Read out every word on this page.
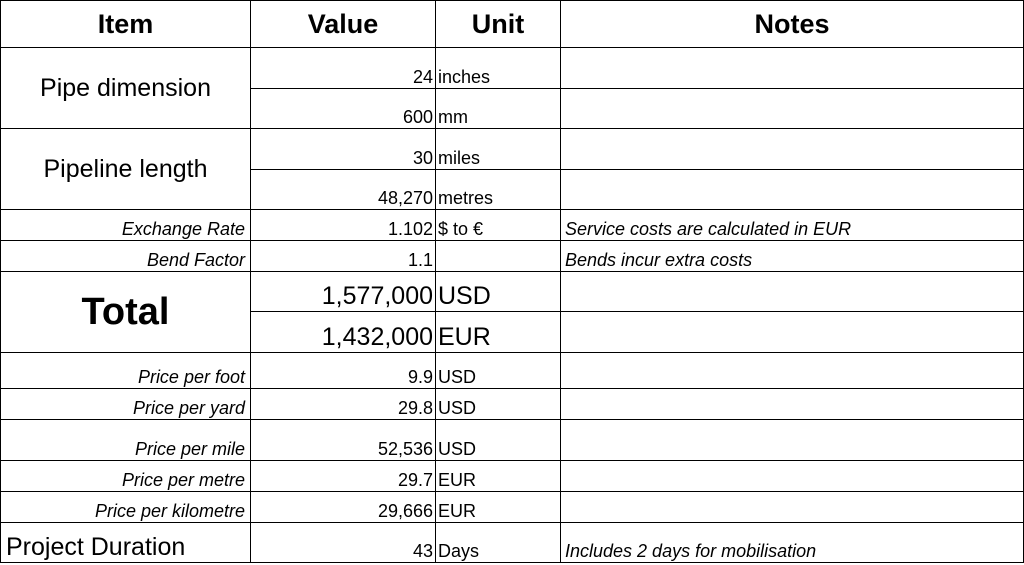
Item	Value	Unit	Notes
Pipe dimension	24	inches	
	600	mm	
Pipeline length	30	miles	
	48,270	metres	
Exchange Rate	1.102	$ to €	Service costs are calculated in EUR
Bend Factor	1.1		Bends incur extra costs
Total	1,577,000	USD	
	1,432,000	EUR	
Price per foot	9.9	USD	
Price per yard	29.8	USD	
Price per mile	52,536	USD	
Price per metre	29.7	EUR	
Price per kilometre	29,666	EUR	
Project Duration	43	Days	Includes 2 days for mobilisation
